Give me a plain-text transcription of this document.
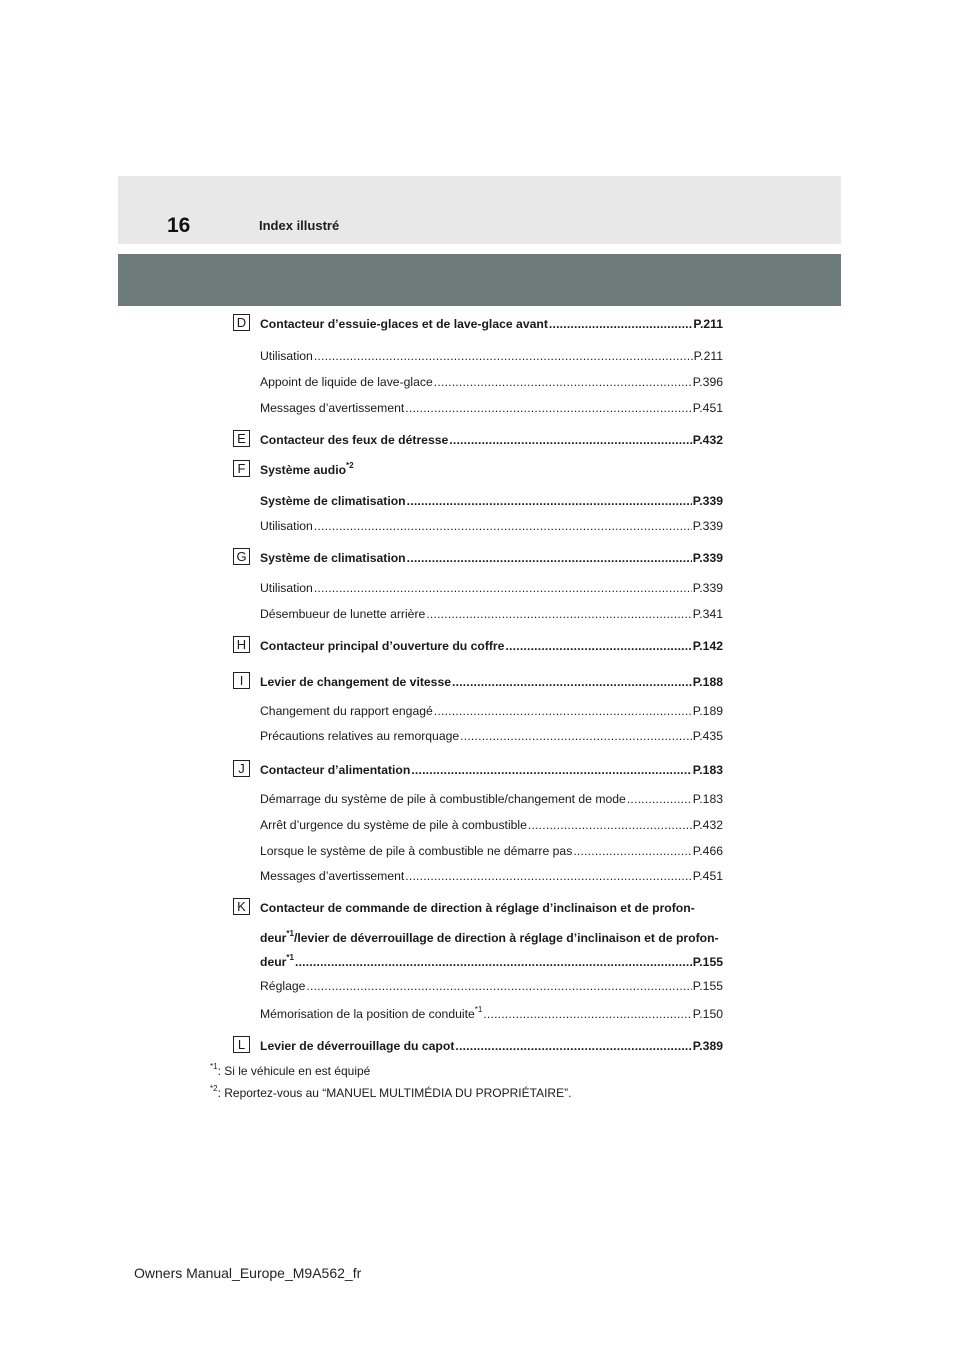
16	Index illustré
D	Contacteur d’essuie-glaces et de lave-glace avant .....	P.211
Utilisation .....	P.211
Appoint de liquide de lave-glace .....	P.396
Messages d’avertissement .....	P.451
E	Contacteur des feux de détresse .....	P.432
F	Système audio$^{*2}$
Système de climatisation .....	P.339
Utilisation .....	P.339
G Système de climatisation .....	P.339
Utilisation .....	P.339
Désembueur de lunette arrière .....	P.341
H	Contacteur principal d’ouverture du coffre .....	P.142
I	Levier de changement de vitesse .....	P.188
Changement du rapport engagé .....	P.189
Précautions relatives au remorquage .....	P.435
J	Contacteur d’alimentation .....	P.183
Démarrage du système de pile à combustible/changement de mode .....	P.183
Arrêt d’urgence du système de pile à combustible .....	P.432
Lorsque le système de pile à combustible ne démarre pas .....	P.466
Messages d’avertissement .....	P.451
K	Contacteur de commande de direction à réglage d’inclinaison et de profon-
deur$^{*1}$/levier de déverrouillage de direction à réglage d’inclinaison et de profon-
deur$^{*1}$ .....	P.155
Réglage .....	P.155
Mémorisation de la position de conduite$^{*1}$ .....	P.150
L	Levier de déverrouillage du capot .....	P.389
$^{*1}$: Si le véhicule en est équipé
$^{*2}$: Reportez-vous au “MANUEL MULTIMÉDIA DU PROPRIÉTAIRE”.
Owners Manual_Europe_M9A562_fr
